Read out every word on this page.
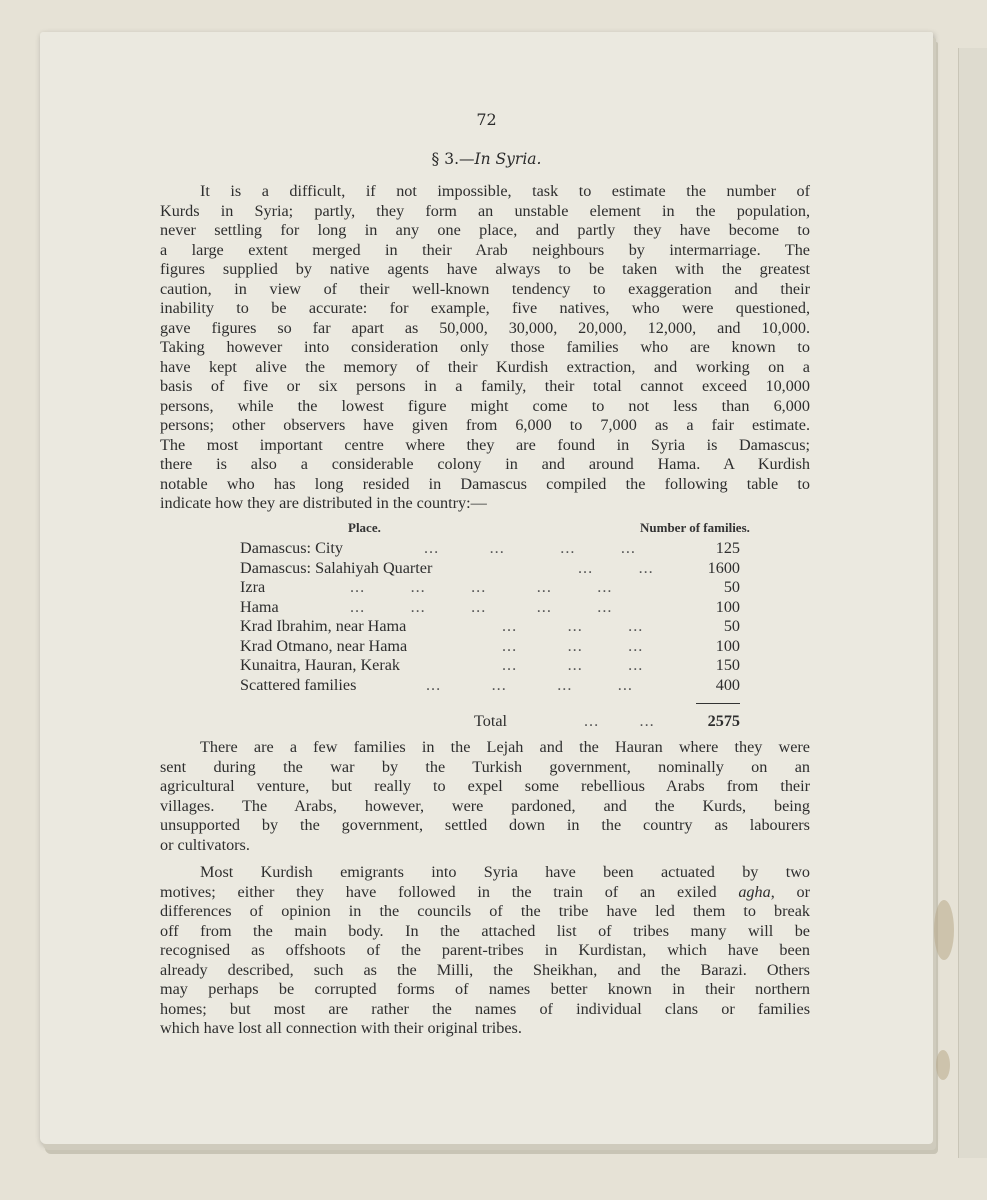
72
§ 3.—In Syria.
It is a difficult, if not impossible, task to estimate the number of
Kurds in Syria; partly, they form an unstable element in the population,
never settling for long in any one place, and partly they have become to
a large extent merged in their Arab neighbours by intermarriage. The
figures supplied by native agents have always to be taken with the greatest
caution, in view of their well-known tendency to exaggeration and their
inability to be accurate: for example, five natives, who were questioned,
gave figures so far apart as 50,000, 30,000, 20,000, 12,000, and 10,000.
Taking however into consideration only those families who are known to
have kept alive the memory of their Kurdish extraction, and working on a
basis of five or six persons in a family, their total cannot exceed 10,000
persons, while the lowest figure might come to not less than 6,000
persons; other observers have given from 6,000 to 7,000 as a fair estimate.
The most important centre where they are found in Syria is Damascus;
there is also a considerable colony in and around Hama. A Kurdish
notable who has long resided in Damascus compiled the following table to
indicate how they are distributed in the country:—
Place.	Number of families.
Damascus: City	...          ...           ...         ...	125
Damascus: Salahiyah Quarter	...         ...	1600
Izra	...         ...         ...          ...         ...	50
Hama	...         ...         ...          ...         ...	100
Krad Ibrahim, near Hama	...          ...         ...	50
Krad Otmano, near Hama	...          ...         ...	100
Kunaitra, Hauran, Kerak	...          ...         ...	150
Scattered families	...          ...          ...         ...	400
Total	...        ...	2575
There are a few families in the Lejah and the Hauran where they were
sent during the war by the Turkish government, nominally on an
agricultural venture, but really to expel some rebellious Arabs from their
villages. The Arabs, however, were pardoned, and the Kurds, being
unsupported by the government, settled down in the country as labourers
or cultivators.
Most Kurdish emigrants into Syria have been actuated by two
motives; either they have followed in the train of an exiled agha, or
differences of opinion in the councils of the tribe have led them to break
off from the main body. In the attached list of tribes many will be
recognised as offshoots of the parent-tribes in Kurdistan, which have been
already described, such as the Milli, the Sheikhan, and the Barazi. Others
may perhaps be corrupted forms of names better known in their northern
homes; but most are rather the names of individual clans or families
which have lost all connection with their original tribes.
